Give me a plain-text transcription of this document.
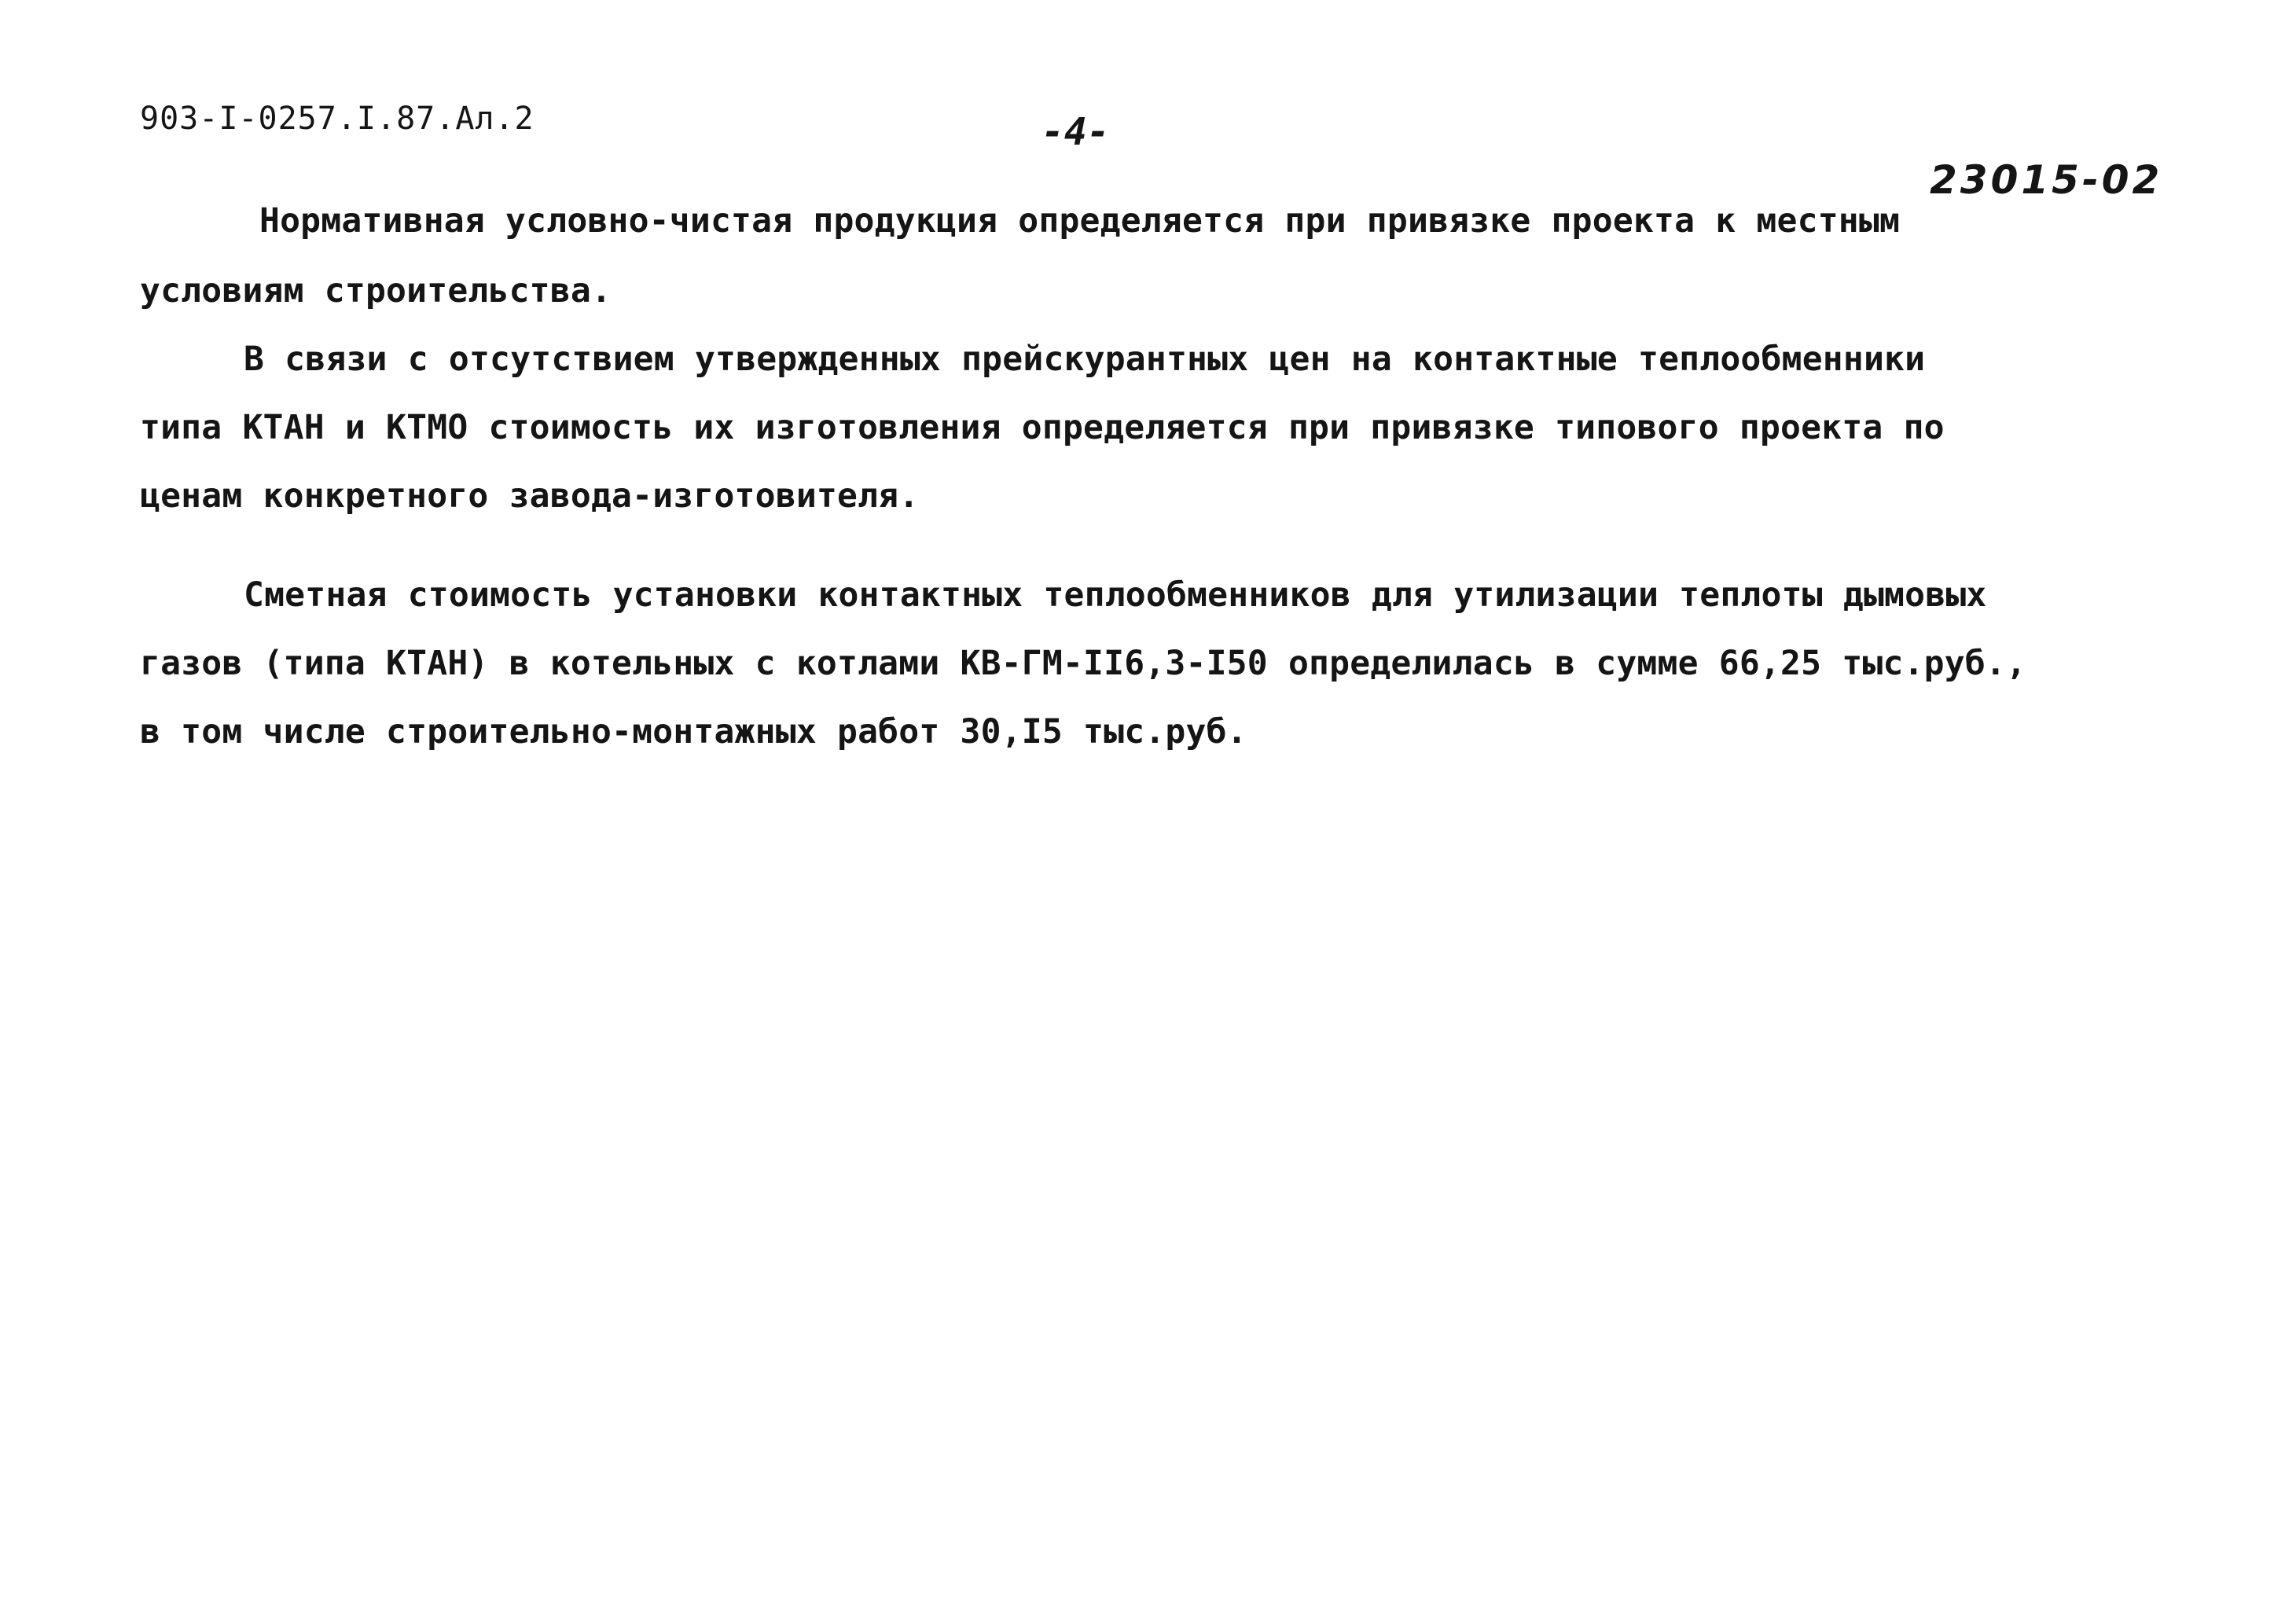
903-I-0257.I.87.Ал.2	-4-
23015-02
Нормативная условно-чистая продукция определяется при привязке проекта к местным
условиям строительства.
В связи с отсутствием утвержденных прейскурантных цен на контактные теплообменники
типа КТАН и КТМО стоимость их изготовления определяется при привязке типового проекта по
ценам конкретного завода-изготовителя.
Сметная стоимость установки контактных теплообменников для утилизации теплоты дымовых
газов (типа КТАН) в котельных с котлами КВ-ГМ-II6,3-I50 определилась в сумме 66,25 тыс.руб.,
в том числе строительно-монтажных работ 30,I5 тыс.руб.
